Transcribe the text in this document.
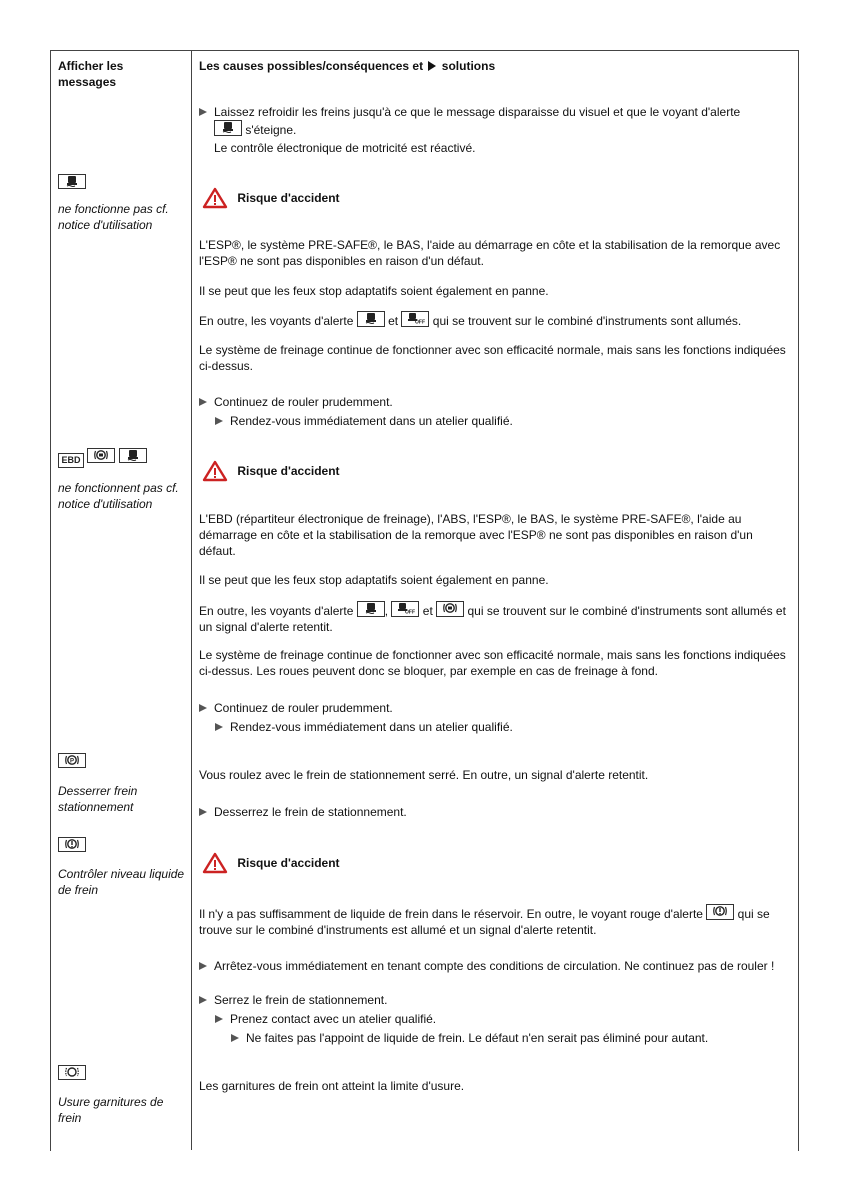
Afficher les messages
Les causes possibles/conséquences et solutions
Laissez refroidir les freins jusqu'à ce que le message disparaisse du visuel et que le voyant d'alerte

s'éteigne.
Le contrôle électronique de motricité est réactivé.
ne fonctionne pas cf. notice d'utilisation
Risque d'accident
L'ESP®, le système PRE-SAFE®, le BAS, l'aide au démarrage en côte et la stabilisation de la remorque avec l'ESP® ne sont pas disponibles en raison d'un défaut.
Il se peut que les feux stop adaptatifs soient également en panne.
En outre, les voyants d'alerte	et	OFF qui se trouvent sur le combiné d'instruments sont allumés.
Le système de freinage continue de fonctionner avec son efficacité normale, mais sans les fonctions indiquées ci-dessus.
Continuez de rouler prudemment.
Rendez-vous immédiatement dans un atelier qualifié.
EBD

ne fonctionnent pas cf. notice d'utilisation
Risque d'accident
L'EBD (répartiteur électronique de freinage), l'ABS, l'ESP®, le BAS, le système PRE-SAFE®, l'aide au démarrage en côte et la stabilisation de la remorque avec l'ESP® ne sont pas disponibles en raison d'un défaut.
Il se peut que les feux stop adaptatifs soient également en panne.
En outre, les voyants d'alerte	,	OFF et	qui se trouvent sur le combiné d'instruments sont allumés et un signal d'alerte retentit.
Le système de freinage continue de fonctionner avec son efficacité normale, mais sans les fonctions indiquées ci-dessus. Les roues peuvent donc se bloquer, par exemple en cas de freinage à fond.
Continuez de rouler prudemment.
Rendez-vous immédiatement dans un atelier qualifié.
P
Desserrer frein stationnement
Vous roulez avec le frein de stationnement serré. En outre, un signal d'alerte retentit.
Desserrez le frein de stationnement.
Contrôler niveau liquide de frein
Risque d'accident
Il n'y a pas suffisamment de liquide de frein dans le réservoir. En outre, le voyant rouge d'alerte	qui se trouve sur le combiné d'instruments est allumé et un signal d'alerte retentit.
Arrêtez-vous immédiatement en tenant compte des conditions de circulation. Ne continuez pas de rouler !
Serrez le frein de stationnement.
Prenez contact avec un atelier qualifié.
Ne faites pas l'appoint de liquide de frein. Le défaut n'en serait pas éliminé pour autant.
Usure garnitures de frein
Les garnitures de frein ont atteint la limite d'usure.
